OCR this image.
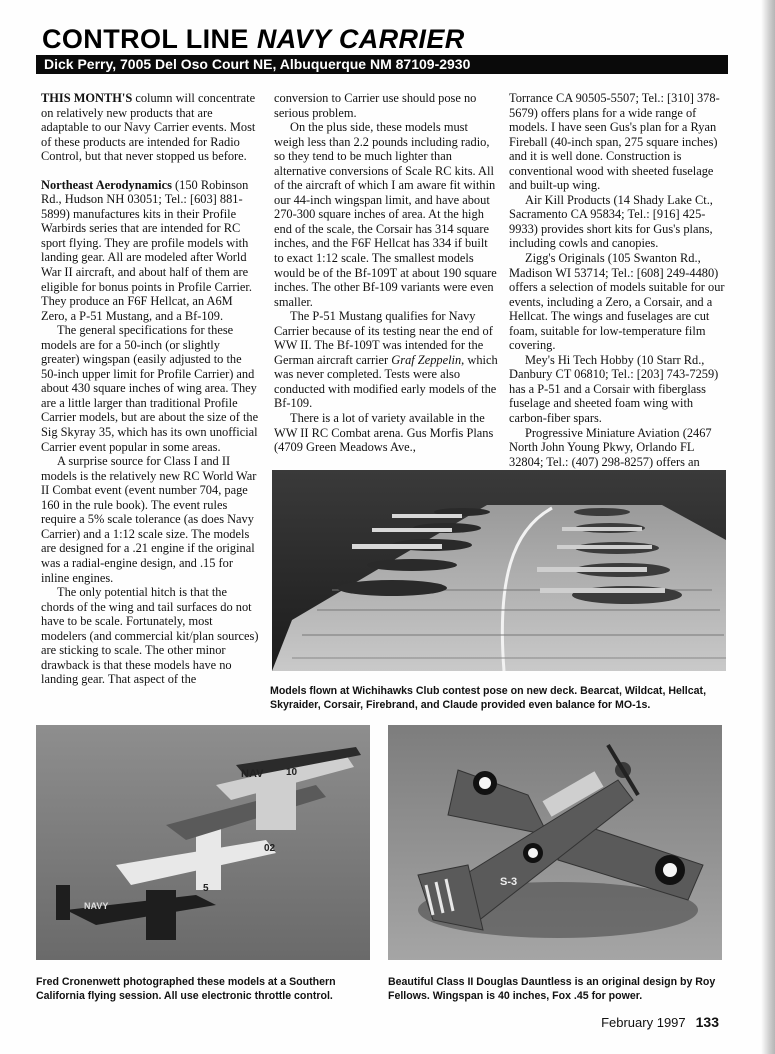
CONTROL LINE NAVY CARRIER
Dick Perry, 7005 Del Oso Court NE, Albuquerque NM 87109-2930

THIS MONTH'S column will concentrate on relatively new products that are adaptable to our Navy Carrier events. Most of these products are intended for Radio Control, but that never stopped us before.

Northeast Aerodynamics (150 Robinson Rd., Hudson NH 03051; Tel.: [603] 881-5899) manufactures kits in their Profile Warbirds series that are intended for RC sport flying. They are profile models with landing gear. All are modeled after World War II aircraft, and about half of them are eligible for bonus points in Profile Carrier. They produce an F6F Hellcat, an A6M Zero, a P-51 Mustang, and a Bf-109.

The general specifications for these models are for a 50-inch (or slightly greater) wingspan (easily adjusted to the 50-inch upper limit for Profile Carrier) and about 430 square inches of wing area. They are a little larger than traditional Profile Carrier models, but are about the size of the Sig Skyray 35, which has its own unofficial Carrier event popular in some areas.

A surprise source for Class I and II models is the relatively new RC World War II Combat event (event number 704, page 160 in the rule book). The event rules require a 5% scale tolerance (as does Navy Carrier) and a 1:12 scale size. The models are designed for a .21 engine if the original was a radial-engine design, and .15 for inline engines.

The only potential hitch is that the chords of the wing and tail surfaces do not have to be scale. Fortunately, most modelers (and commercial kit/plan sources) are sticking to scale. The other minor drawback is that these models have no landing gear. That aspect of the

conversion to Carrier use should pose no serious problem.

On the plus side, these models must weigh less than 2.2 pounds including radio, so they tend to be much lighter than alternative conversions of Scale RC kits. All of the aircraft of which I am aware fit within our 44-inch wingspan limit, and have about 270-300 square inches of area. At the high end of the scale, the Corsair has 314 square inches, and the F6F Hellcat has 334 if built to exact 1:12 scale. The smallest models would be of the Bf-109T at about 190 square inches. The other Bf-109 variants were even smaller.

The P-51 Mustang qualifies for Navy Carrier because of its testing near the end of WW II. The Bf-109T was intended for the German aircraft carrier Graf Zeppelin, which was never completed. Tests were also conducted with modified early models of the Bf-109.

There is a lot of variety available in the WW II RC Combat arena. Gus Morfis Plans (4709 Green Meadows Ave.,

Torrance CA 90505-5507; Tel.: [310] 378-5679) offers plans for a wide range of models. I have seen Gus's plan for a Ryan Fireball (40-inch span, 275 square inches) and it is well done. Construction is conventional wood with sheeted fuselage and built-up wing.

Air Kill Products (14 Shady Lake Ct., Sacramento CA 95834; Tel.: [916] 425-9933) provides short kits for Gus's plans, including cowls and canopies.

Zigg's Originals (105 Swanton Rd., Madison WI 53714; Tel.: [608] 249-4480) offers a selection of models suitable for our events, including a Zero, a Corsair, and a Hellcat. The wings and fuselages are cut foam, suitable for low-temperature film covering.

Mey's Hi Tech Hobby (10 Starr Rd., Danbury CT 06810; Tel.: [203] 743-7259) has a P-51 and a Corsair with fiberglass fuselage and sheeted foam wing with carbon-fiber spars.

Progressive Miniature Aviation (2467 North John Young Pkwy, Orlando FL 32804; Tel.: (407) 298-8257) offers an

Models flown at Wichihawks Club contest pose on new deck. Bearcat, Wildcat, Hellcat, Skyraider, Corsair, Firebrand, and Claude provided even balance for MO-1s.
NAVY
NAV
02
5
10
Fred Cronenwett photographed these models at a Southern California flying session. All use electronic throttle control.
S-3
Beautiful Class II Douglas Dauntless is an original design by Roy Fellows. Wingspan is 40 inches, Fox .45 for power.
February 1997 133
